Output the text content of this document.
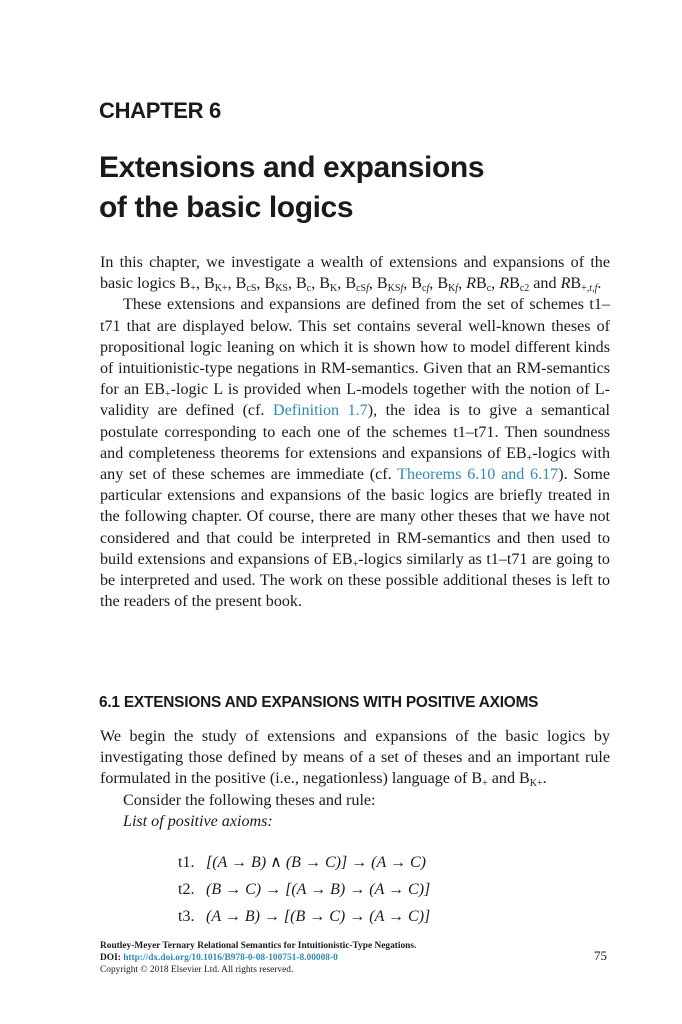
CHAPTER 6
Extensions and expansions
of the basic logics

In this chapter, we investigate a wealth of extensions and expansions of the basic logics $B_+$, $B_{K+}$, $B_{cS}$, $B_{KS}$, $B_c$, $B_K$, $B_{cSf}$, $B_{KSf}$, $B_{cf}$, $B_{Kf}$, $RB_c$, $RB_{c2}$ and $RB_{+,t,f}$.

These extensions and expansions are defined from the set of schemes t1–t71 that are displayed below. This set contains several well-known theses of propositional logic leaning on which it is shown how to model different kinds of intuitionistic-type negations in RM-semantics. Given that an RM-semantics for an $EB_+$-logic L is provided when L-models together with the notion of L-validity are defined (cf. Definition 1.7), the idea is to give a semantical postulate corresponding to each one of the schemes t1–t71. Then soundness and completeness theorems for extensions and expansions of $EB_+$-logics with any set of these schemes are immediate (cf. Theorems 6.10 and 6.17). Some particular extensions and expansions of the basic logics are briefly treated in the following chapter. Of course, there are many other theses that we have not considered and that could be interpreted in RM-semantics and then used to build extensions and expansions of $EB_+$-logics similarly as t1–t71 are going to be interpreted and used. The work on these possible additional theses is left to the readers of the present book.

6.1 EXTENSIONS AND EXPANSIONS WITH POSITIVE AXIOMS

We begin the study of extensions and expansions of the basic logics by investigating those defined by means of a set of theses and an important rule formulated in the positive (i.e., negationless) language of $B_+$ and $B_{K+}$.

Consider the following theses and rule:

List of positive axioms:

t1. [(A → B) ∧ (B → C)] → (A → C)
t2. (B → C) → [(A → B) → (A → C)]
t3. (A → B) → [(B → C) → (A → C)]
Routley-Meyer Ternary Relational Semantics for Intuitionistic-Type Negations.
DOI: http://dx.doi.org/10.1016/B978-0-08-100751-8.00008-0
Copyright © 2018 Elsevier Ltd. All rights reserved.
75
